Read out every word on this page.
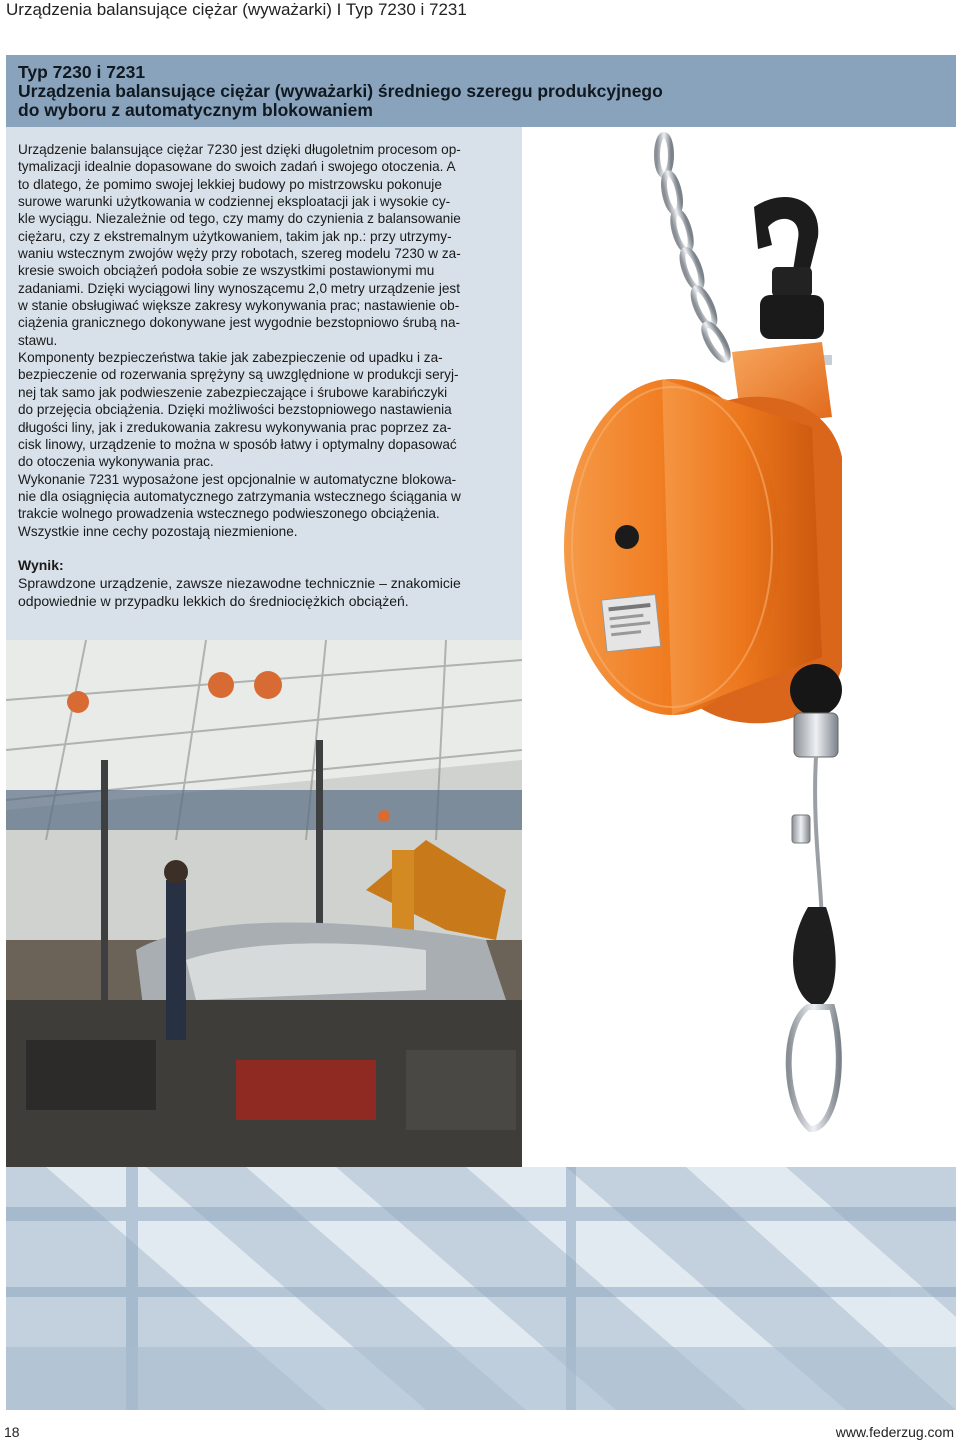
Urządzenia balansujące ciężar (wyważarki) I Typ 7230 i 7231
Typ 7230 i 7231
Urządzenia balansujące ciężar (wyważarki) średniego szeregu produkcyjnego
do wyboru z automatycznym blokowaniem

Urządzenie balansujące ciężar 7230 jest dzięki długoletnim procesom op-
tymalizacji idealnie dopasowane do swoich zadań i swojego otoczenia. A
to dlatego, że pomimo swojej lekkiej budowy po mistrzowsku pokonuje
surowe warunki użytkowania w codziennej eksploatacji jak i wysokie cy-
kle wyciągu. Niezależnie od tego, czy mamy do czynienia z balansowanie
ciężaru, czy z ekstremalnym użytkowaniem, takim jak np.: przy utrzymy-
waniu wstecznym zwojów węży przy robotach, szereg modelu 7230 w za-
kresie swoich obciążeń podoła sobie ze wszystkimi postawionymi mu
zadaniami. Dzięki wyciągowi liny wynoszącemu 2,0 metry urządzenie jest
w stanie obsługiwać większe zakresy wykonywania prac; nastawienie ob-
ciążenia granicznego dokonywane jest wygodnie bezstopniowo śrubą na-
stawu.

Komponenty bezpieczeństwa takie jak zabezpieczenie od upadku i za-
bezpieczenie od rozerwania sprężyny są uwzględnione w produkcji seryj-
nej tak samo jak podwieszenie zabezpieczające i śrubowe karabińczyki
do przejęcia obciążenia. Dzięki możliwości bezstopniowego nastawienia
długości liny, jak i zredukowania zakresu wykonywania prac poprzez za-
cisk linowy, urządzenie to można w sposób łatwy i optymalny dopasować
do otoczenia wykonywania prac.

Wykonanie 7231 wyposażone jest opcjonalnie w automatyczne blokowa-
nie dla osiągnięcia automatycznego zatrzymania wstecznego ściągania w
trakcie wolnego prowadzenia wstecznego podwieszonego obciążenia.
Wszystkie inne cechy pozostają niezmienione.

Wynik:
Sprawdzone urządzenie, zawsze niezawodne technicznie – znakomicie
odpowiednie w przypadku lekkich do średniociężkich obciążeń.
18	www.federzug.com
